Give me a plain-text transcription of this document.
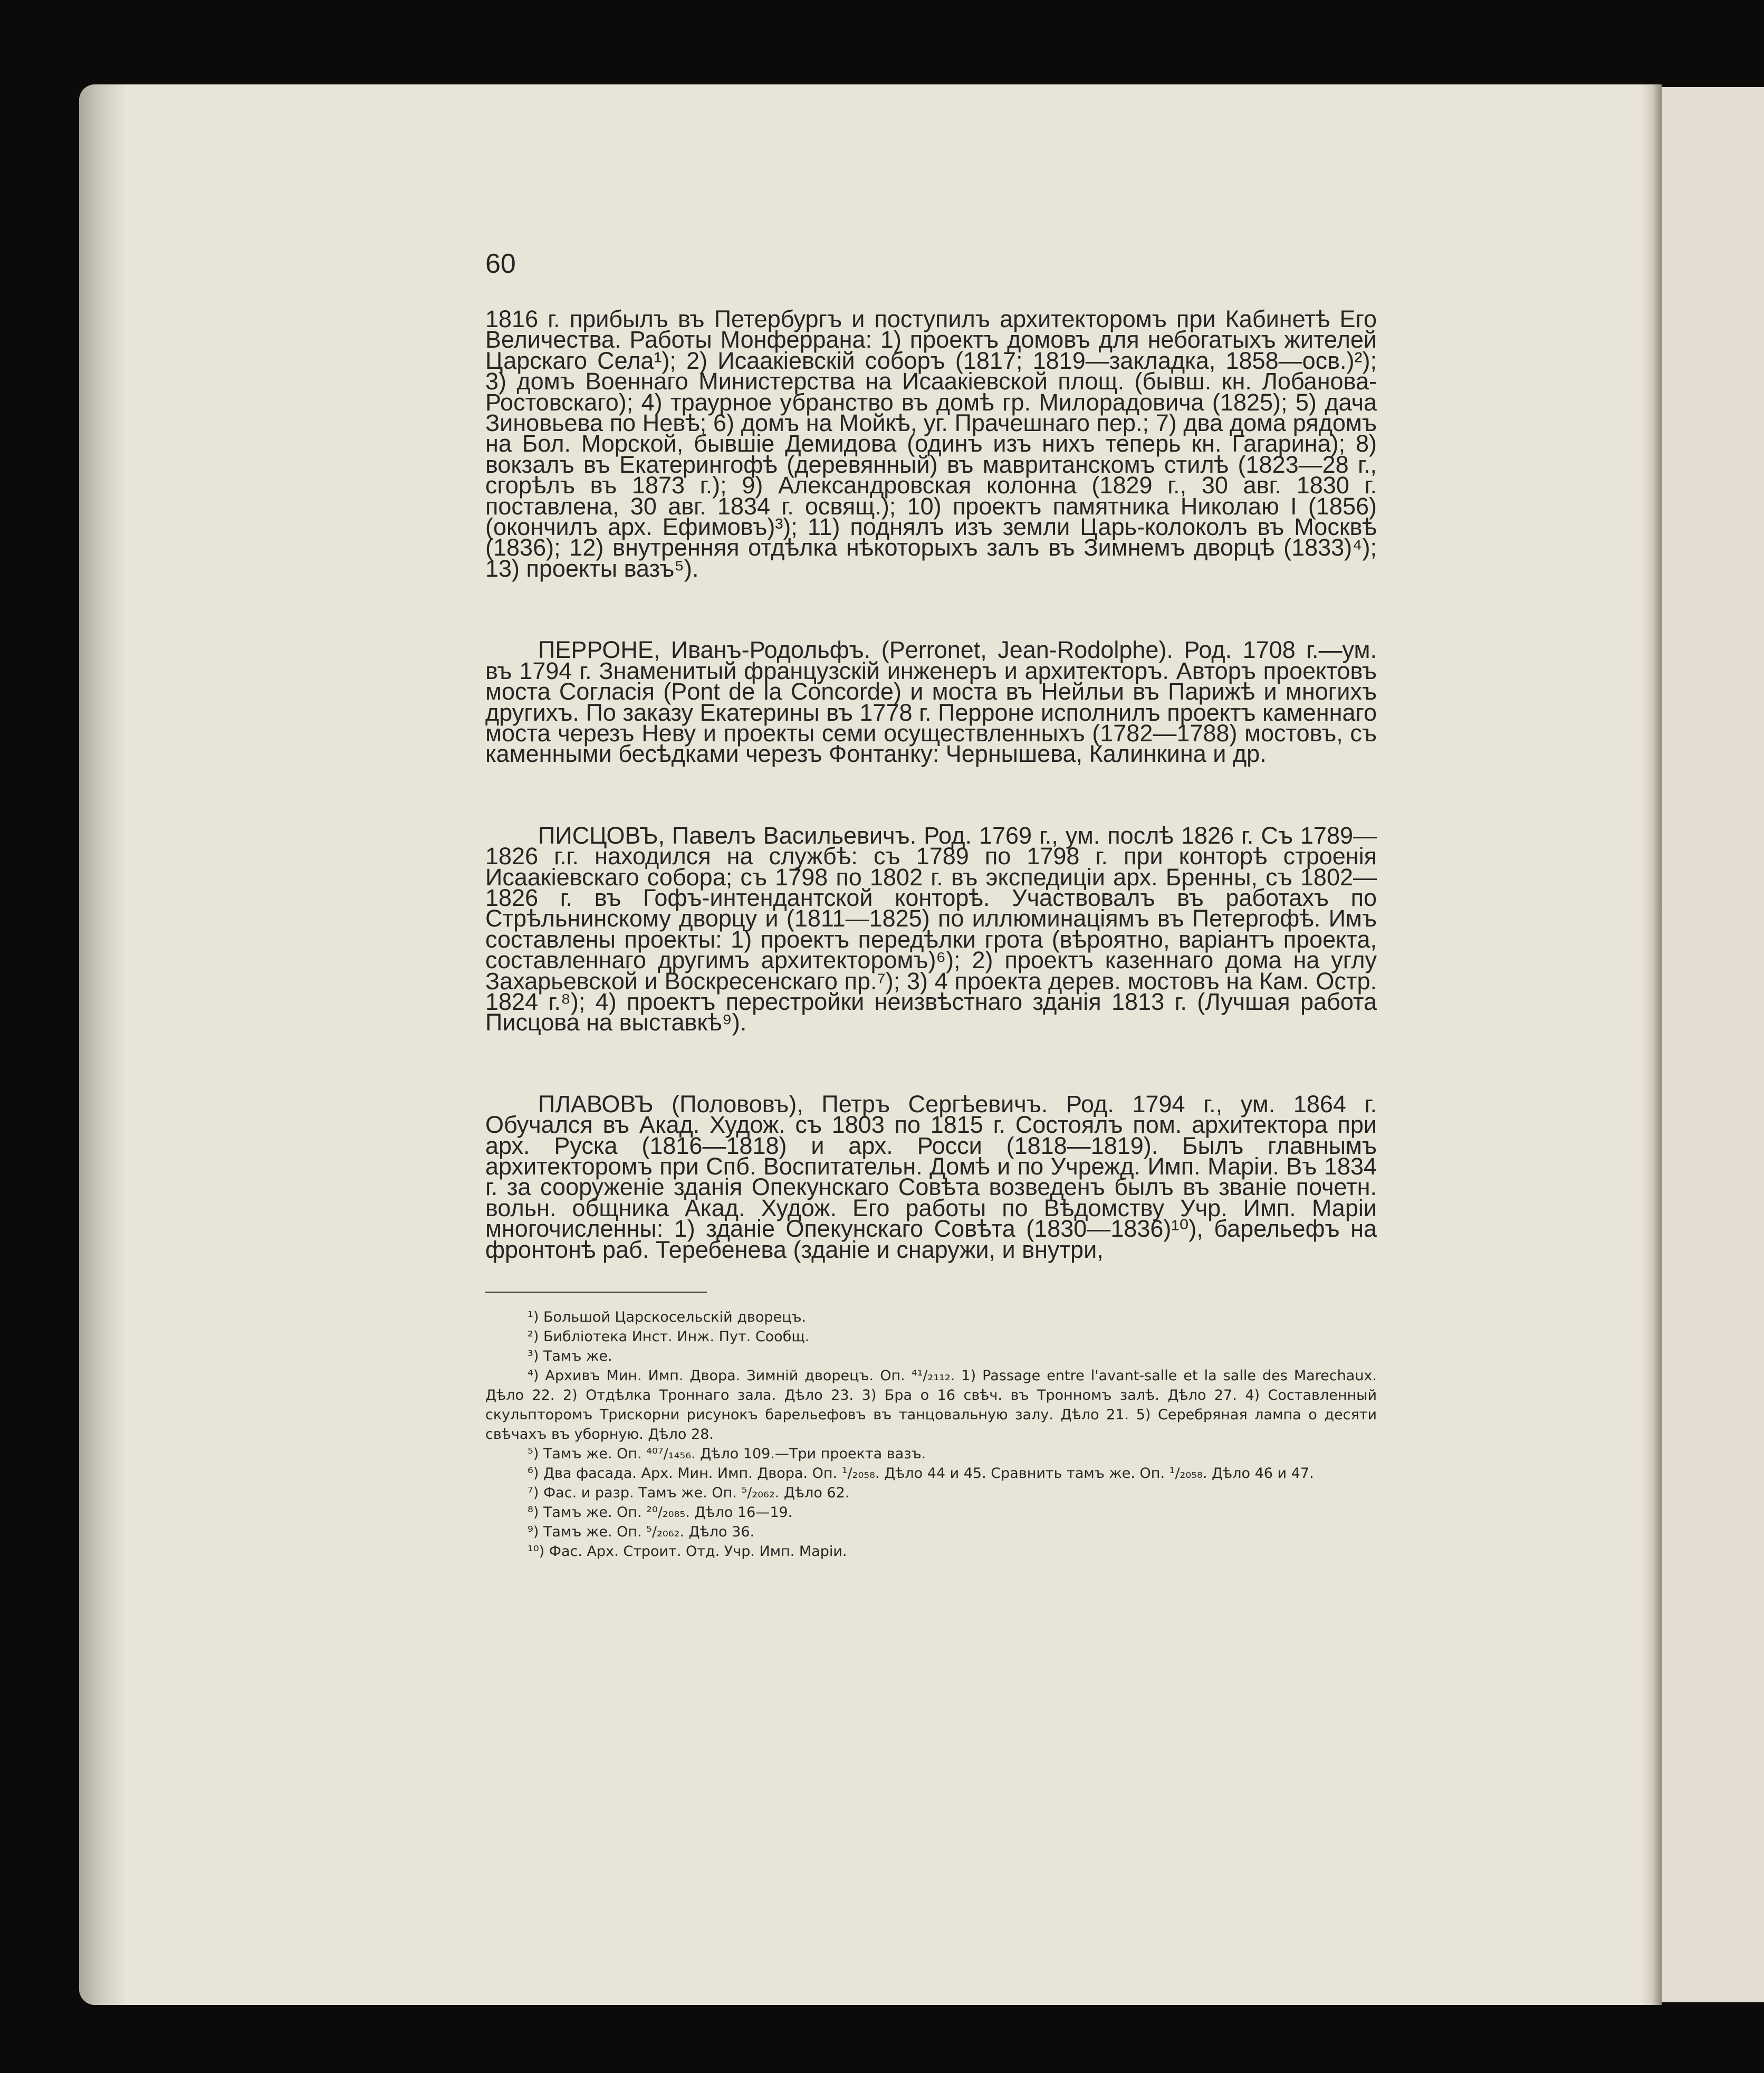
60

1816 г. прибылъ въ Петербургъ и поступилъ архитекторомъ при Кабинетѣ Его Величества. Работы Монферрана: 1) проектъ домовъ для небогатыхъ жителей Царскаго Села¹); 2) Исаакіевскій соборъ (1817; 1819—закладка, 1858—осв.)²); 3) домъ Военнаго Министерства на Исаакіевской площ. (бывш. кн. Лобанова-Ростовскаго); 4) траурное убранство въ домѣ гр. Милорадовича (1825); 5) дача Зиновьева по Невѣ; 6) домъ на Мойкѣ, уг. Прачешнаго пер.; 7) два дома рядомъ на Бол. Морской, бывшіе Демидова (одинъ изъ нихъ теперь кн. Гагарина); 8) вокзалъ въ Екатерингофѣ (деревянный) въ мавританскомъ стилѣ (1823—28 г., сгорѣлъ въ 1873 г.); 9) Александровская колонна (1829 г., 30 авг. 1830 г. поставлена, 30 авг. 1834 г. освящ.); 10) проектъ памятника Николаю I (1856) (окончилъ арх. Ефимовъ)³); 11) поднялъ изъ земли Царь-колоколъ въ Москвѣ (1836); 12) внутренняя отдѣлка нѣкоторыхъ залъ въ Зимнемъ дворцѣ (1833)⁴); 13) проекты вазъ⁵).

ПЕРРОНЕ, Иванъ-Родольфъ. (Perronet, Jean-Rodolphe). Род. 1708 г.—ум. въ 1794 г. Знаменитый французскій инженеръ и архитекторъ. Авторъ проектовъ моста Согласія (Pont de la Concorde) и моста въ Нейльи въ Парижѣ и многихъ другихъ. По заказу Екатерины въ 1778 г. Перроне исполнилъ проектъ каменнаго моста черезъ Неву и проекты семи осуществленныхъ (1782—1788) мостовъ, съ каменными бесѣдками черезъ Фонтанку: Чернышева, Калинкина и др.

ПИСЦОВЪ, Павелъ Васильевичъ. Род. 1769 г., ум. послѣ 1826 г. Съ 1789—1826 г.г. находился на службѣ: съ 1789 по 1798 г. при конторѣ строенія Исаакіевскаго собора; съ 1798 по 1802 г. въ экспедиціи арх. Бренны, съ 1802—1826 г. въ Гофъ-интендантской конторѣ. Участвовалъ въ работахъ по Стрѣльнинскому дворцу и (1811—1825) по иллюминаціямъ въ Петергофѣ. Имъ составлены проекты: 1) проектъ передѣлки грота (вѣроятно, варіантъ проекта, составленнаго другимъ архитекторомъ)⁶); 2) проектъ казеннаго дома на углу Захарьевской и Воскресенскаго пр.⁷); 3) 4 проекта дерев. мостовъ на Кам. Остр. 1824 г.⁸); 4) проектъ перестройки неизвѣстнаго зданія 1813 г. (Лучшая работа Писцова на выставкѣ⁹).

ПЛАВОВЪ (Полововъ), Петръ Сергѣевичъ. Род. 1794 г., ум. 1864 г. Обучался въ Акад. Худож. съ 1803 по 1815 г. Состоялъ пом. архитектора при арх. Руска (1816—1818) и арх. Росси (1818—1819). Былъ главнымъ архитекторомъ при Спб. Воспитательн. Домѣ и по Учрежд. Имп. Маріи. Въ 1834 г. за сооруженіе зданія Опекунскаго Совѣта возведенъ былъ въ званіе почетн. вольн. общника Акад. Худож. Его работы по Вѣдомству Учр. Имп. Маріи многочисленны: 1) зданіе Опекунскаго Совѣта (1830—1836)¹⁰), барельефъ на фронтонѣ раб. Теребенева (зданіе и снаружи, и внутри,

¹) Большой Царскосельскій дворецъ.
²) Библіотека Инст. Инж. Пут. Сообщ.
³) Тамъ же.
⁴) Архивъ Мин. Имп. Двора. Зимній дворецъ. Оп. ⁴¹/₂₁₁₂. 1) Passage entre l'avant-salle et la salle des Marechaux. Дѣло 22. 2) Отдѣлка Троннаго зала. Дѣло 23. 3) Бра о 16 свѣч. въ Тронномъ залѣ. Дѣло 27. 4) Составленный скульпторомъ Трискорни рисунокъ барельефовъ въ танцовальную залу. Дѣло 21. 5) Серебряная лампа о десяти свѣчахъ въ уборную. Дѣло 28.
⁵) Тамъ же. Оп. ⁴⁰⁷/₁₄₅₆. Дѣло 109.—Три проекта вазъ.
⁶) Два фасада. Арх. Мин. Имп. Двора. Оп. ¹/₂₀₅₈. Дѣло 44 и 45. Сравнить тамъ же. Оп. ¹/₂₀₅₈. Дѣло 46 и 47.
⁷) Фас. и разр. Тамъ же. Оп. ⁵/₂₀₆₂. Дѣло 62.
⁸) Тамъ же. Оп. ²⁰/₂₀₈₅. Дѣло 16—19.
⁹) Тамъ же. Оп. ⁵/₂₀₆₂. Дѣло 36.
¹⁰) Фас. Арх. Строит. Отд. Учр. Имп. Маріи.
